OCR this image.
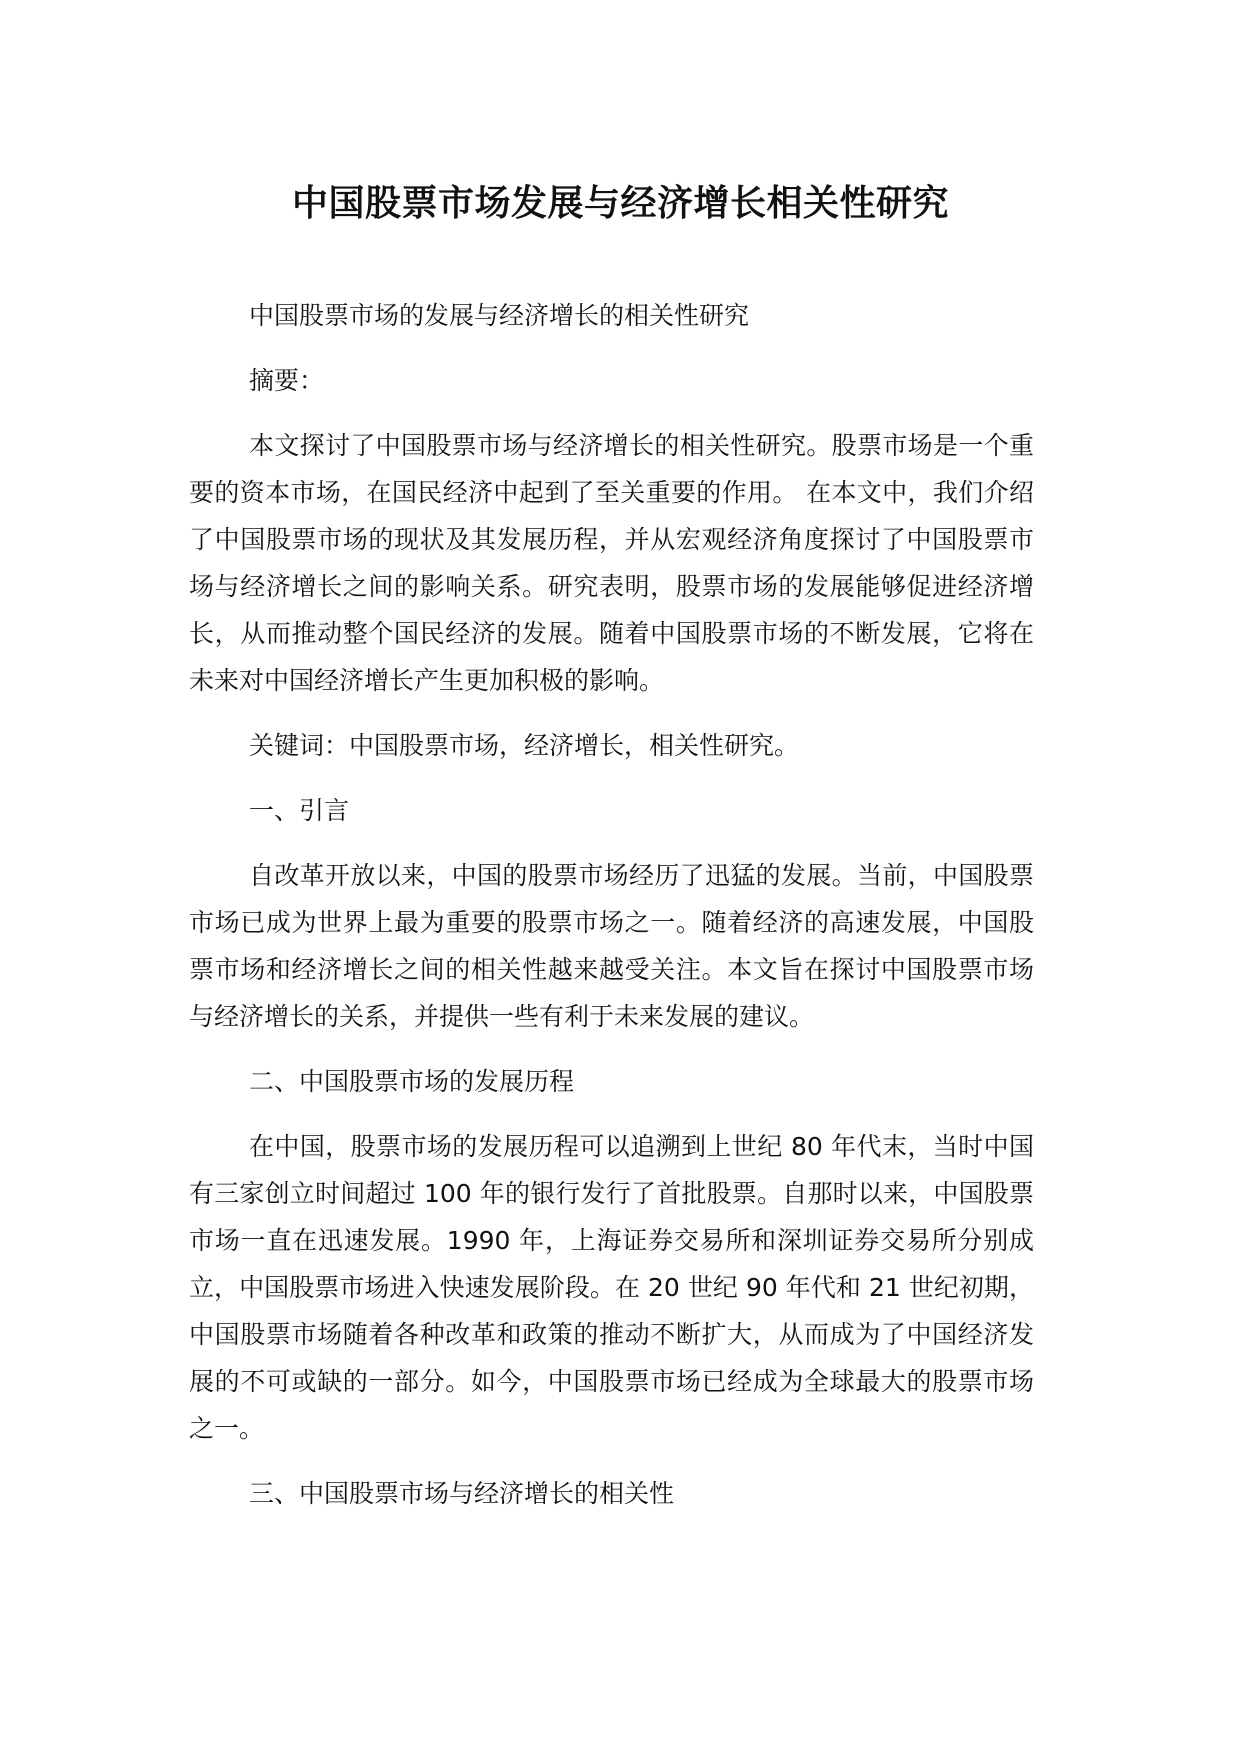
中国股票市场发展与经济增长相关性研究

中国股票市场的发展与经济增长的相关性研究

摘要：

本文探讨了中国股票市场与经济增长的相关性研究。股票市场是一个重要的资本市场，在国民经济中起到了至关重要的作用。 在本文中，我们介绍了中国股票市场的现状及其发展历程，并从宏观经济角度探讨了中国股票市场与经济增长之间的影响关系。研究表明，股票市场的发展能够促进经济增长，从而推动整个国民经济的发展。随着中国股票市场的不断发展，它将在未来对中国经济增长产生更加积极的影响。

关键词：中国股票市场，经济增长，相关性研究。

一、引言

自改革开放以来，中国的股票市场经历了迅猛的发展。当前，中国股票市场已成为世界上最为重要的股票市场之一。随着经济的高速发展，中国股票市场和经济增长之间的相关性越来越受关注。本文旨在探讨中国股票市场与经济增长的关系，并提供一些有利于未来发展的建议。

二、中国股票市场的发展历程

在中国，股票市场的发展历程可以追溯到上世纪 80 年代末，当时中国有三家创立时间超过 100 年的银行发行了首批股票。自那时以来，中国股票市场一直在迅速发展。1990 年，上海证券交易所和深圳证券交易所分别成立，中国股票市场进入快速发展阶段。在 20 世纪 90 年代和 21 世纪初期，中国股票市场随着各种改革和政策的推动不断扩大，从而成为了中国经济发展的不可或缺的一部分。如今，中国股票市场已经成为全球最大的股票市场之一。

三、中国股票市场与经济增长的相关性
